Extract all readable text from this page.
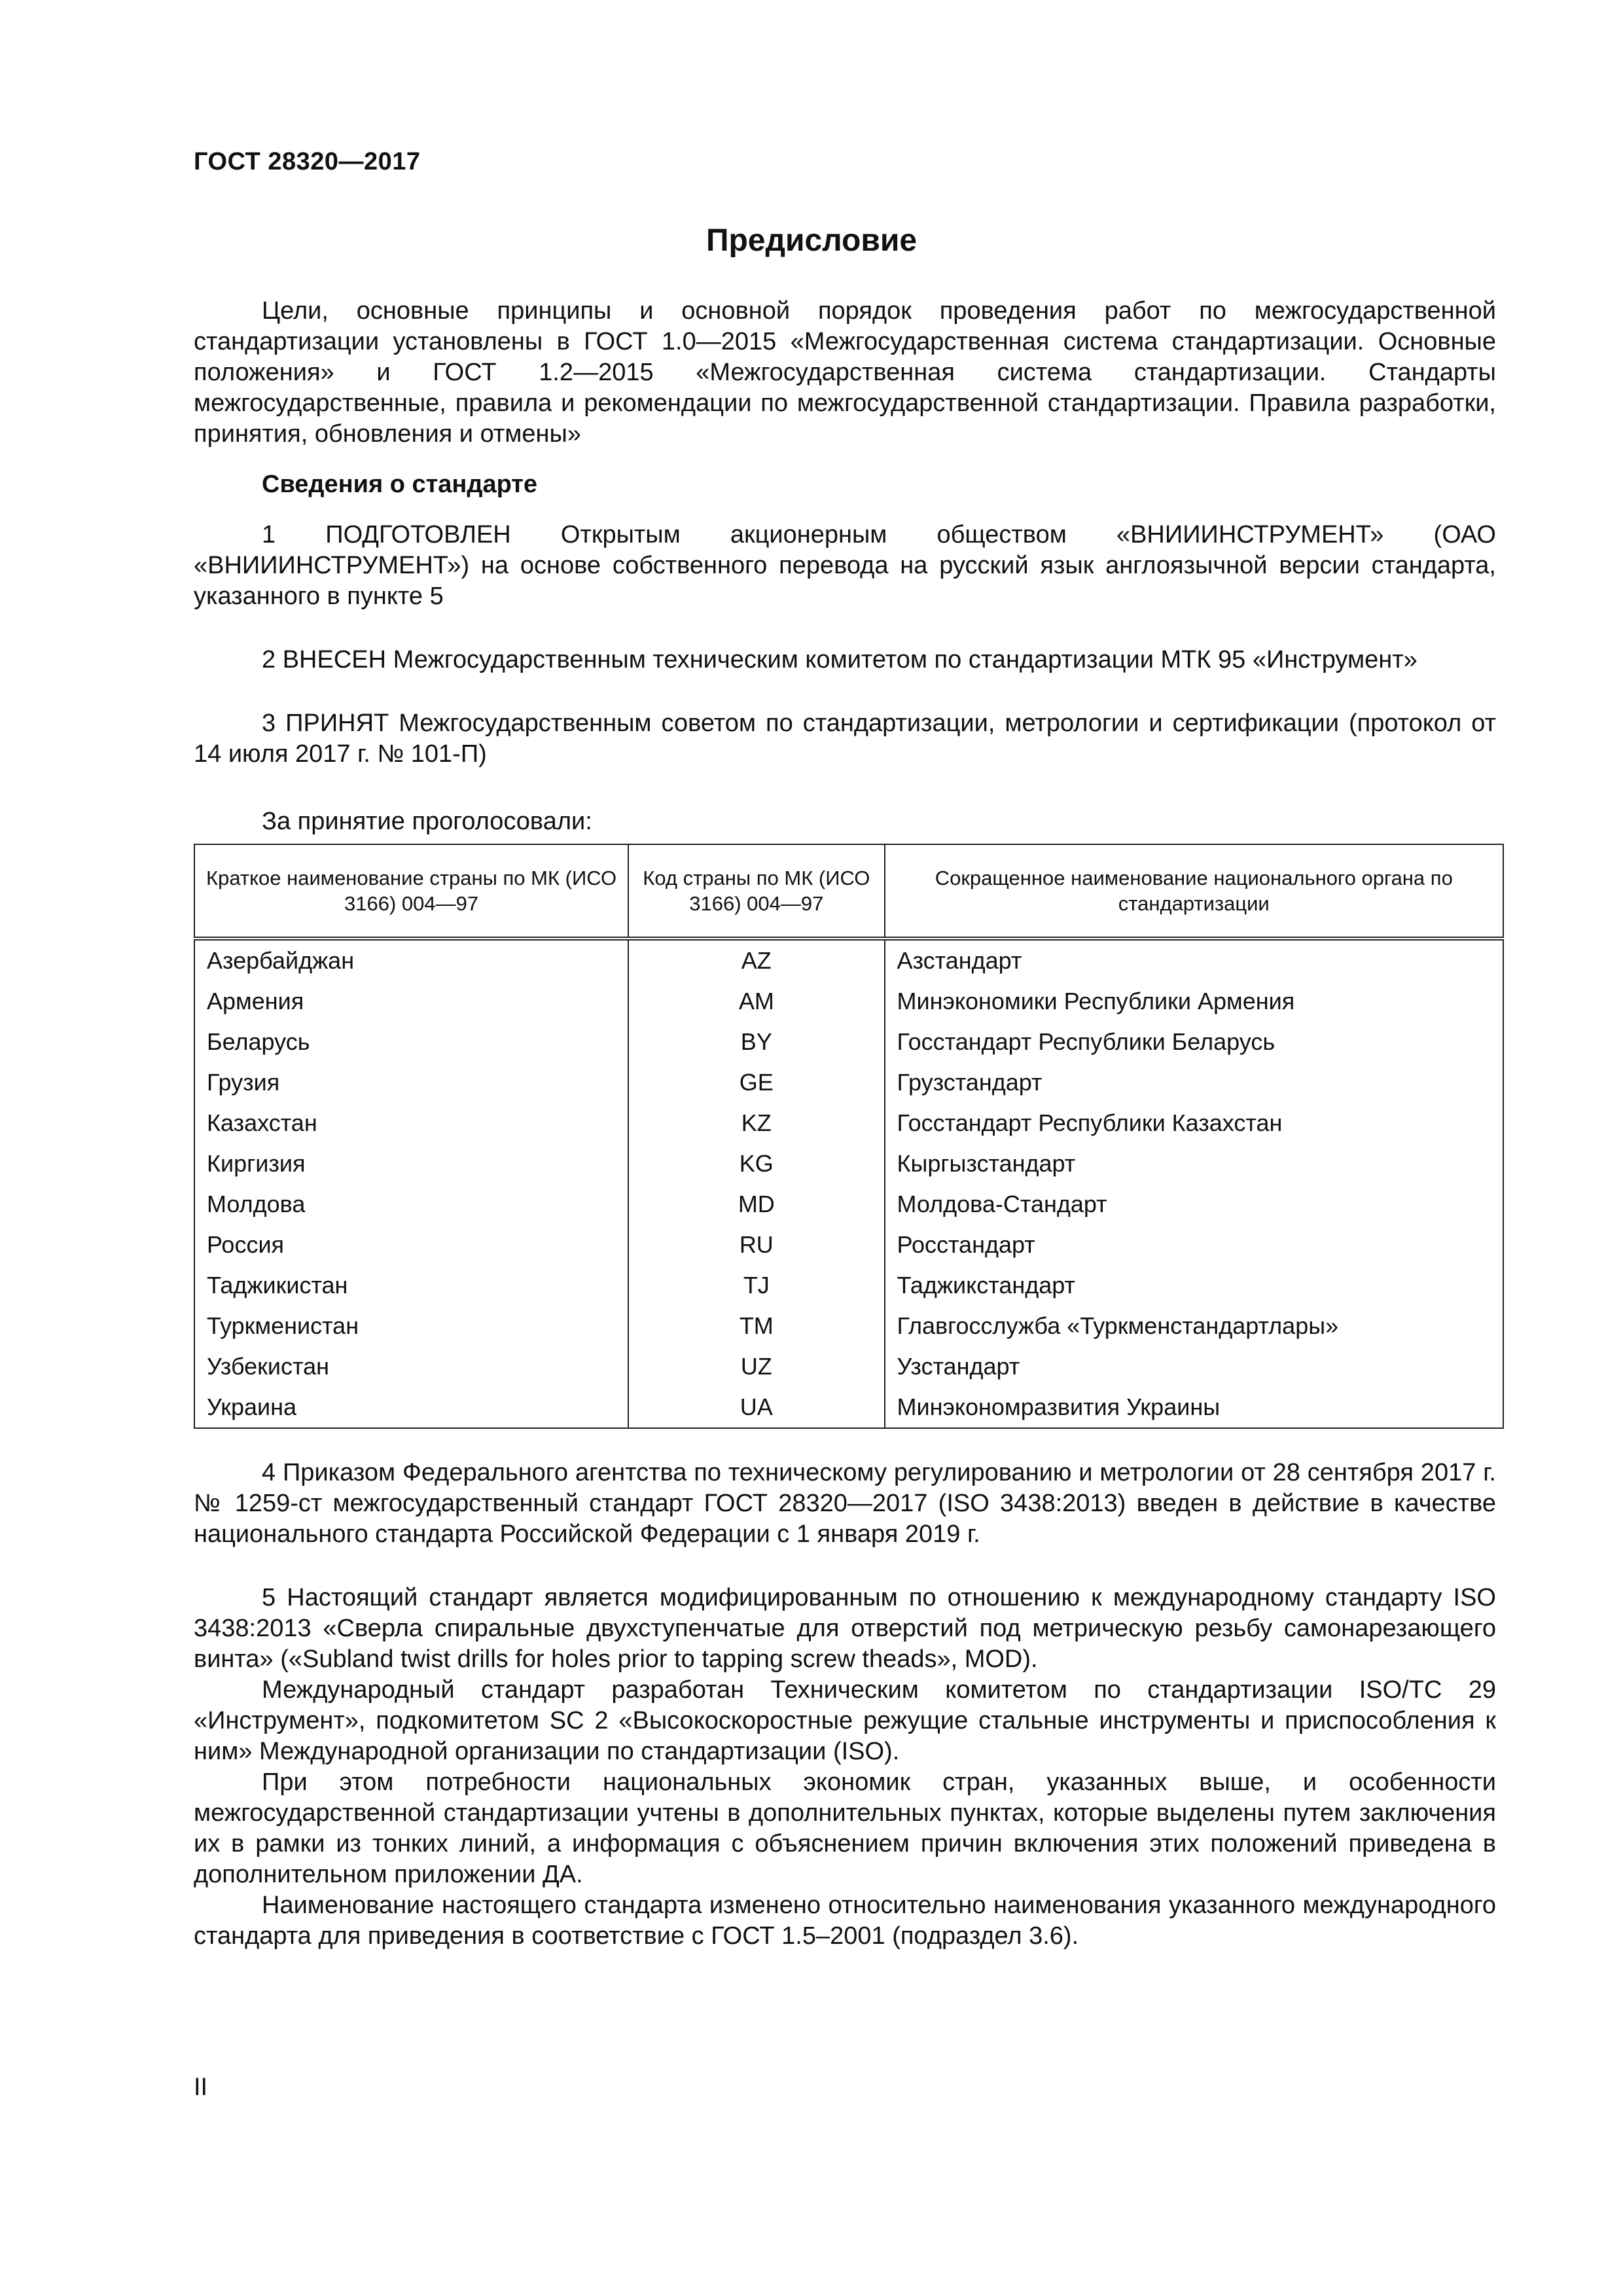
ГОСТ 28320—2017
Предисловие

Цели, основные принципы и основной порядок проведения работ по межгосударственной стандартизации установлены в ГОСТ 1.0—2015 «Межгосударственная система стандартизации. Основные положения» и ГОСТ 1.2—2015 «Межгосударственная система стандартизации. Стандарты межгосударственные, правила и рекомендации по межгосударственной стандартизации. Правила разработки, принятия, обновления и отмены»

Сведения о стандарте

1 ПОДГОТОВЛЕН Открытым акционерным обществом «ВНИИИНСТРУМЕНТ» (ОАО «ВНИИИНСТРУМЕНТ») на основе собственного перевода на русский язык англоязычной версии стандарта, указанного в пункте 5

2 ВНЕСЕН Межгосударственным техническим комитетом по стандартизации МТК 95 «Инструмент»

3 ПРИНЯТ Межгосударственным советом по стандартизации, метрологии и сертификации (протокол от 14 июля 2017 г. № 101-П)

За принятие проголосовали:

Краткое наименование страны по МК (ИСО 3166) 004—97	Код страны по МК (ИСО 3166) 004—97	Сокращенное наименование национального органа по стандартизации
Азербайджан	AZ	Азстандарт
Армения	AM	Минэкономики Республики Армения
Беларусь	BY	Госстандарт Республики Беларусь
Грузия	GE	Грузстандарт
Казахстан	KZ	Госстандарт Республики Казахстан
Киргизия	KG	Кыргызстандарт
Молдова	MD	Молдова-Стандарт
Россия	RU	Росстандарт
Таджикистан	TJ	Таджикстандарт
Туркменистан	TM	Главгосслужба «Туркменстандартлары»
Узбекистан	UZ	Узстандарт
Украина	UA	Минэкономразвития Украины

4 Приказом Федерального агентства по техническому регулированию и метрологии от 28 сентября 2017 г. № 1259-ст межгосударственный стандарт ГОСТ 28320—2017 (ISO 3438:2013) введен в действие в качестве национального стандарта Российской Федерации с 1 января 2019 г.

5 Настоящий стандарт является модифицированным по отношению к международному стандарту ISO 3438:2013 «Сверла спиральные двухступенчатые для отверстий под метрическую резьбу самонарезающего винта» («Subland twist drills for holes prior to tapping screw theads», MOD).

Международный стандарт разработан Техническим комитетом по стандартизации ISO/TC 29 «Инструмент», подкомитетом SC 2 «Высокоскоростные режущие стальные инструменты и приспособления к ним» Международной организации по стандартизации (ISO).

При этом потребности национальных экономик стран, указанных выше, и особенности межгосударственной стандартизации учтены в дополнительных пунктах, которые выделены путем заключения их в рамки из тонких линий, а информация с объяснением причин включения этих положений приведена в дополнительном приложении ДА.

Наименование настоящего стандарта изменено относительно наименования указанного международного стандарта для приведения в соответствие с ГОСТ 1.5–2001 (подраздел 3.6).

II
